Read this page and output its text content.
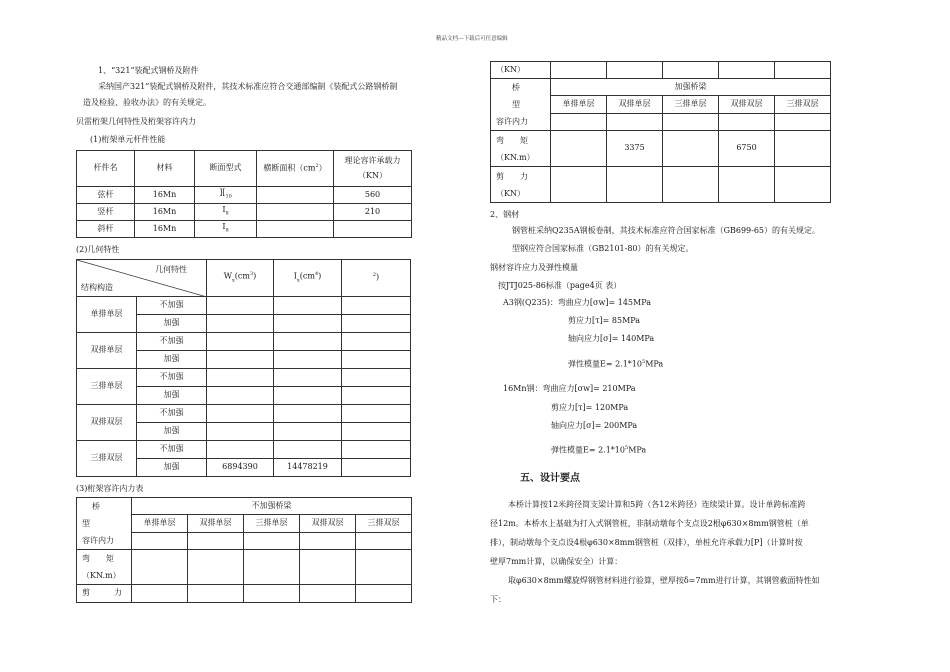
精品文档---下载后可任意编辑
1、“321”装配式钢桥及附件
采纳国产321”装配式钢桥及附件，其技术标准应符合交通部编制《装配式公路钢桥制
造及检验、验收办法》的有关规定。
贝雷桁架几何特性及桁架容许内力
(1)桁架单元杆件性能
杆件名	材料	断面型式	横断面积$(cm^2)$	理论容许承载力
（KN）

弦杆	16Mn	][$_{10}$		560
竖杆	16Mn	$I_8$		210
斜杆	16Mn	$I_8$		
(2)几何特性
几何特性
结构构造		$W_x(cm^3)$	$I_x(cm^4)$	$^2$)
单排单层	不加强			
	加强			
双排单层	不加强			
	加强			
三排单层	不加强			
	加强			
双排双层	不加强			
	加强			
三排双层	不加强			
	加强	6894390	14478219	
(3)桁架容许内力表
桥
型
容许内力	不加强桥梁				
	单排单层	双排单层	三排单层	双排双层	三排双层

弯　　矩
（KN.m）					

剪　　　力					
（KN）					

桥
型
容许内力	加强桥梁				
	单排单层	双排单层	三排单层	双排双层	三排双层

弯　　矩
（KN.m）		3375		6750	

剪　　力
（KN）					

2、钢材
钢管桩采纳Q235A钢板卷制，其技术标准应符合国家标准（GB699-65）的有关规定。
型钢应符合国家标准（GB2101-80）的有关规定。
钢材容许应力及弹性模量
按JTJ025-86标准（page4页 表）
A3钢(Q235)：弯曲应力[σw]= 145MPa
剪应力[τ]= 85MPa
轴向应力[σ]= 140MPa
弹性模量$E= 2.1*10^5MPa$
16Mn钢：弯曲应力[σw]= 210MPa
剪应力[τ]= 120MPa
轴向应力[σ]= 200MPa
弹性模量$E= 2.1*10^5MPa$
五、设计要点
本桥计算按12米跨径简支梁计算和5跨（各12米跨径）连续梁计算。设计单跨标准跨
径12m。本桥水上基础为打入式钢管桩，非制动墩每个支点设2根φ630×8mm钢管桩（单
排），制动墩每个支点设4根φ630×8mm钢管桩（双排），单桩允许承载力[P]（计算时按
壁厚7mm计算，以确保安全）计算：
取φ630×8mm螺旋焊钢管材料进行验算，壁厚按δ=7mm进行计算，其钢管截面特性如
下：
